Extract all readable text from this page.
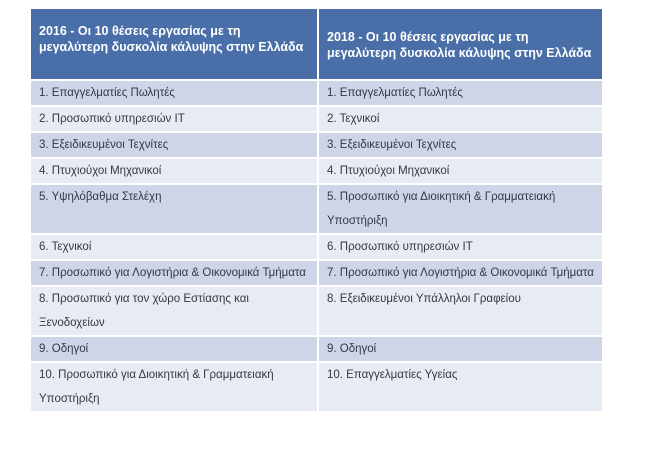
2016 - Οι 10 θέσεις εργασίας με τη μεγαλύτερη δυσκολία κάλυψης στην Ελλάδα	2018 - Οι 10 θέσεις εργασίας με τη μεγαλύτερη δυσκολία κάλυψης στην Ελλάδα
1. Επαγγελματίες Πωλητές	1. Επαγγελματίες Πωλητές
2. Προσωπικό υπηρεσιών IT	2. Τεχνικοί
3. Εξειδικευμένοι Τεχνίτες	3. Εξειδικευμένοι Τεχνίτες
4. Πτυχιούχοι Μηχανικοί	4. Πτυχιούχοι Μηχανικοί
5. Υψηλόβαθμα Στελέχη	5. Προσωπικό για Διοικητική & Γραμματειακή Υποστήριξη
6. Τεχνικοί	6. Προσωπικό υπηρεσιών IT
7. Προσωπικό για Λογιστήρια & Οικονομικά Τμήματα	7. Προσωπικό για Λογιστήρια & Οικονομικά Τμήματα
8. Προσωπικό για τον χώρο Εστίασης και Ξενοδοχείων	8. Εξειδικευμένοι Υπάλληλοι Γραφείου
9. Οδηγοί	9. Οδηγοί
10. Προσωπικό για Διοικητική & Γραμματειακή Υποστήριξη	10. Επαγγελματίες Υγείας
